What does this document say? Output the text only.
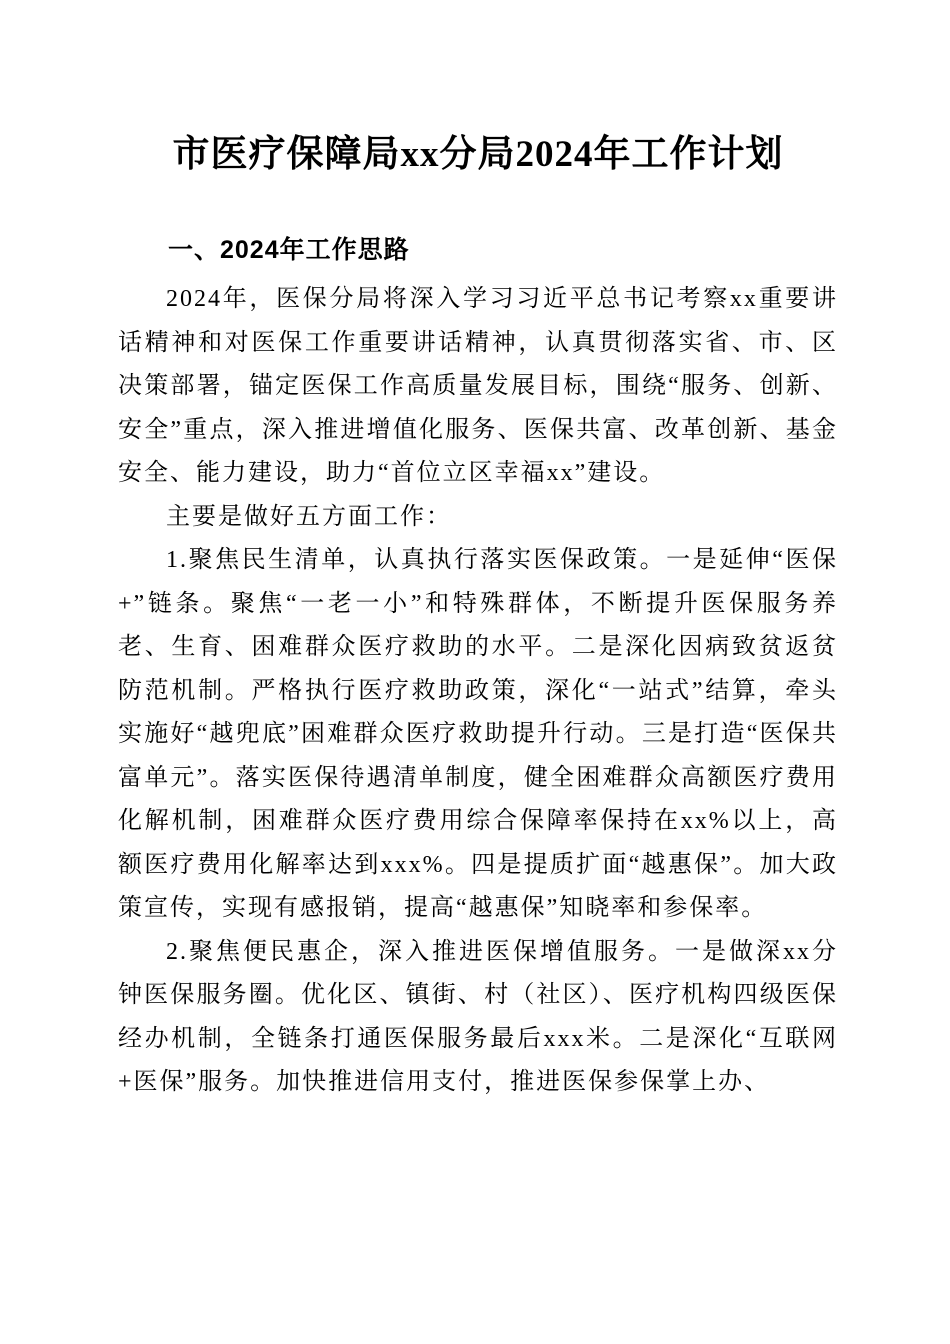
市医疗保障局xx分局2024年工作计划
一、2024年工作思路

2024年，医保分局将深入学习习近平总书记考察xx重要讲话精神和对医保工作重要讲话精神，认真贯彻落实省、市、区决策部署，锚定医保工作高质量发展目标，围绕“服务、创新、安全”重点，深入推进增值化服务、医保共富、改革创新、基金安全、能力建设，助力“首位立区幸福xx”建设。

主要是做好五方面工作：

1.聚焦民生清单，认真执行落实医保政策。一是延伸“医保+”链条。聚焦“一老一小”和特殊群体，不断提升医保服务养老、生育、困难群众医疗救助的水平。二是深化因病致贫返贫防范机制。严格执行医疗救助政策，深化“一站式”结算，牵头实施好“越兜底”困难群众医疗救助提升行动。三是打造“医保共富单元”。落实医保待遇清单制度，健全困难群众高额医疗费用化解机制，困难群众医疗费用综合保障率保持在xx%以上，高额医疗费用化解率达到xxx%。四是提质扩面“越惠保”。加大政策宣传，实现有感报销，提高“越惠保”知晓率和参保率。

2.聚焦便民惠企，深入推进医保增值服务。一是做深xx分钟医保服务圈。优化区、镇街、村（社区）、医疗机构四级医保经办机制，全链条打通医保服务最后xxx米。二是深化“互联网+医保”服务。加快推进信用支付，推进医保参保掌上办、
